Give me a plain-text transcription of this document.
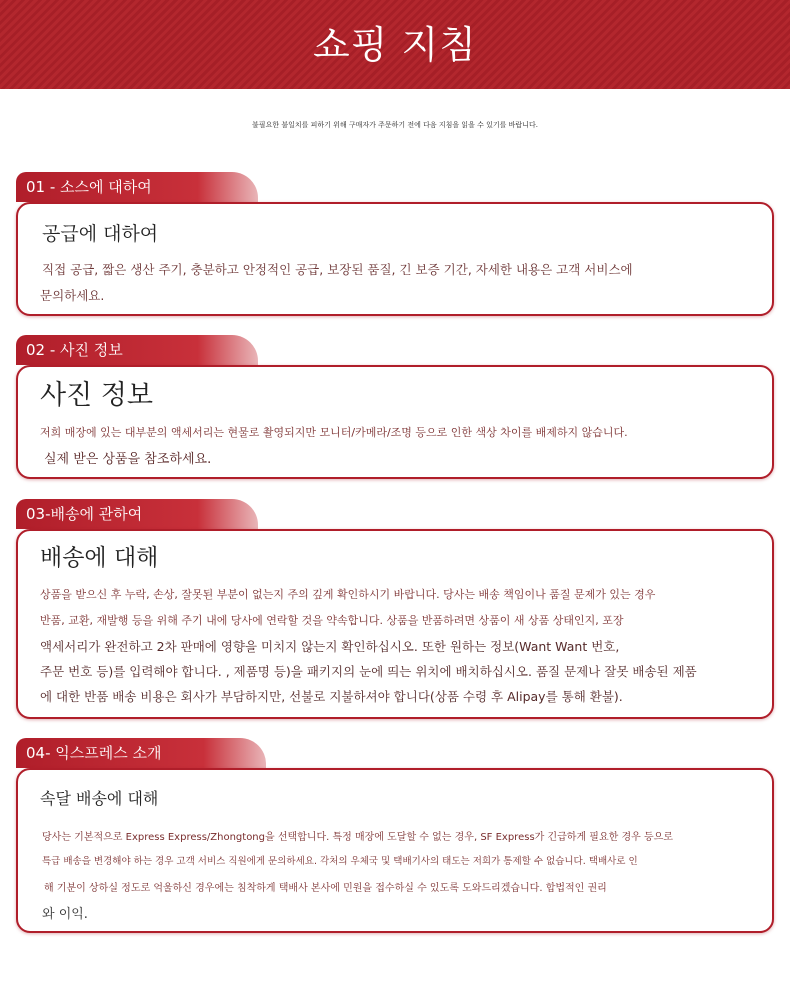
쇼핑 지침
불필요한 불일치를 피하기 위해 구매자가 주문하기 전에 다음 지침을 읽을 수 있기를 바랍니다.
01 - 소스에 대하여
공급에 대하여
직접 공급, 짧은 생산 주기, 충분하고 안정적인 공급, 보장된 품질, 긴 보증 기간, 자세한 내용은 고객 서비스에
문의하세요.
02 - 사진 정보
사진 정보
저희 매장에 있는 대부분의 액세서리는 현물로 촬영되지만 모니터/카메라/조명 등으로 인한 색상 차이를 배제하지 않습니다.
실제 받은 상품을 참조하세요.
03-배송에 관하여
배송에 대해
상품을 받으신 후 누락, 손상, 잘못된 부분이 없는지 주의 깊게 확인하시기 바랍니다. 당사는 배송 책임이나 품질 문제가 있는 경우
반품, 교환, 재발행 등을 위해 주기 내에 당사에 연락할 것을 약속합니다. 상품을 반품하려면 상품이 새 상품 상태인지, 포장
액세서리가 완전하고 2차 판매에 영향을 미치지 않는지 확인하십시오. 또한 원하는 정보(Want Want 번호,
주문 번호 등)를 입력해야 합니다. , 제품명 등)을 패키지의 눈에 띄는 위치에 배치하십시오. 품질 문제나 잘못 배송된 제품
에 대한 반품 배송 비용은 회사가 부담하지만, 선불로 지불하셔야 합니다(상품 수령 후 Alipay를 통해 환불).
04- 익스프레스 소개
속달 배송에 대해
당사는 기본적으로 Express Express/Zhongtong을 선택합니다. 특정 매장에 도달할 수 없는 경우, SF Express가 긴급하게 필요한 경우 등으로
특급 배송을 변경해야 하는 경우 고객 서비스 직원에게 문의하세요. 각처의 우체국 및 택배기사의 태도는 저희가 통제할 수 없습니다. 택배사로 인
해 기분이 상하실 정도로 억울하신 경우에는 침착하게 택배사 본사에 민원을 접수하실 수 있도록 도와드리겠습니다. 합법적인 권리
와 이익.
